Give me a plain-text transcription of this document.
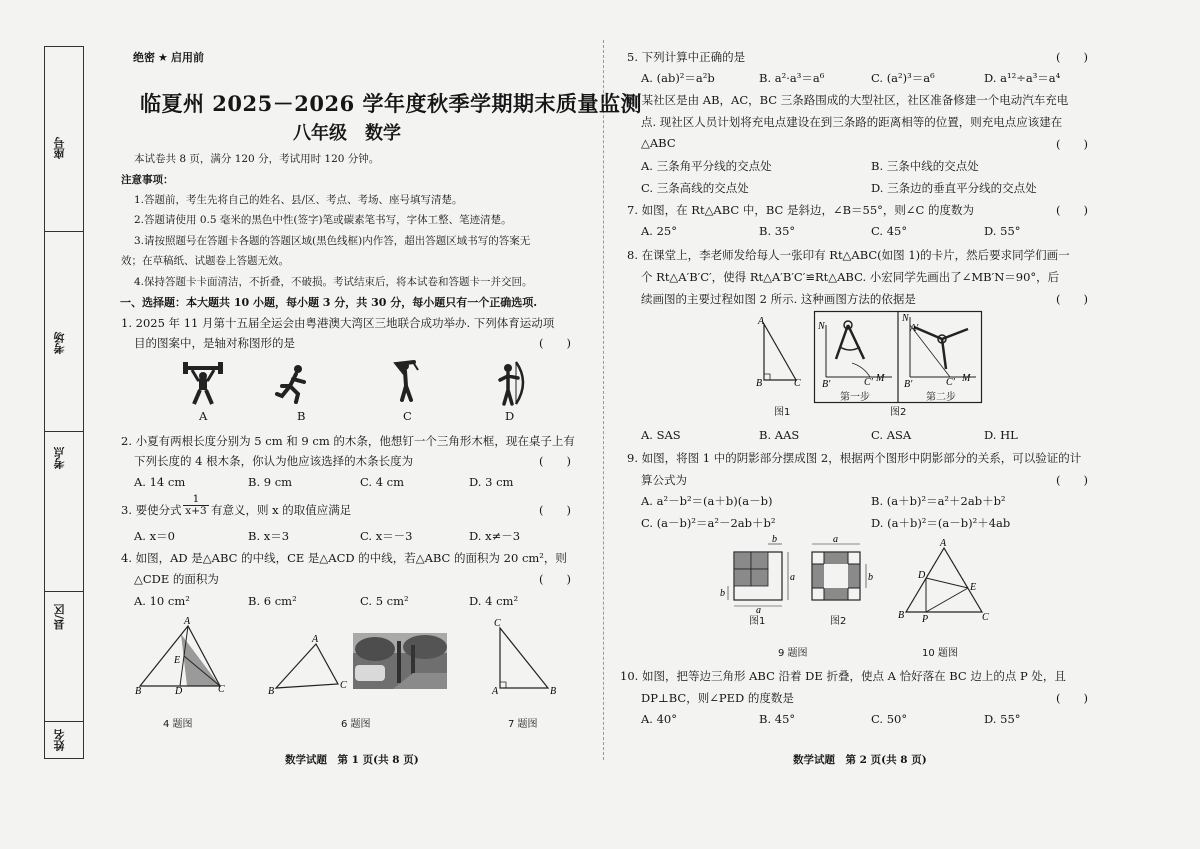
座号
考场
考点
县/区
姓名
绝密 ★ 启用前
临夏州 2025－2026 学年度秋季学期期末质量监测
八年级　数学
本试卷共 8 页，满分 120 分，考试用时 120 分钟。
注意事项：
1.答题前，考生先将自己的姓名、县/区、考点、考场、座号填写清楚。
2.答题请使用 0.5 毫米的黑色中性(签字)笔或碳素笔书写，字体工整、笔迹清楚。
3.请按照题号在答题卡各题的答题区域(黑色线框)内作答，超出答题区域书写的答案无
效；在草稿纸、试题卷上答题无效。
4.保持答题卡卡面清洁，不折叠，不破损。考试结束后，将本试卷和答题卡一并交回。
一、选择题：本大题共 10 小题，每小题 3 分，共 30 分，每小题只有一个正确选项.
1. 2025 年 11 月第十五届全运会由粤港澳大湾区三地联合成功举办. 下列体育运动项
目的图案中，是轴对称图形的是	(　　)
A	B	C	D
2. 小夏有两根长度分别为 5 cm 和 9 cm 的木条，他想钉一个三角形木框，现在桌子上有
下列长度的 4 根木条，你认为他应该选择的木条长度为	(　　)
A. 14 cm	B. 9 cm	C. 4 cm	D. 3 cm
3. 要使分式 $\frac{1}{x+3}$ 有意义，则 x 的取值应满足	(　　)
A. x＝0	B. x＝3	C. x＝－3	D. x≠－3
4. 如图，AD 是△ABC 的中线，CE 是△ACD 的中线，若△ABC 的面积为 20 cm²，则
△CDE 的面积为	(　　)
A. 10 cm²	B. 6 cm²	C. 5 cm²	D. 4 cm²
A
B	D	C
E
4 题图
A
B
C
6 题图
C
A	B
7 题图
数学试题　第 1 页(共 8 页)
5. 下列计算中正确的是	(　　)
A. (ab)²＝a²b	B. a²·a³＝a⁶	C. (a²)³＝a⁶	D. a¹²÷a³＝a⁴
6. 某社区是由 AB，AC，BC 三条路围成的大型社区，社区准备修建一个电动汽车充电
点. 现社区人员计划将充电点建设在到三条路的距离相等的位置，则充电点应该建在
△ABC	(　　)
A. 三条角平分线的交点处	B. 三条中线的交点处
C. 三条高线的交点处	D. 三条边的垂直平分线的交点处
7. 如图，在 Rt△ABC 中，BC 是斜边，∠B＝55°，则∠C 的度数为	(　　)
A. 25°	B. 35°	C. 45°	D. 55°
8. 在课堂上，李老师发给每人一张印有 Rt△ABC(如图 1)的卡片，然后要求同学们画一
个 Rt△A′B′C′，使得 Rt△A′B′C′≌Rt△ABC. 小宏同学先画出了∠MB′N＝90°，后
续画图的主要过程如图 2 所示. 这种画图方法的依据是	(　　)
A
B	C
图1
N
B′	C′ M
N
A′
B′	C′ M
第一步	第二步
图2
A. SAS	B. AAS	C. ASA	D. HL
9. 如图，将图 1 中的阴影部分摆成图 2，根据两个图形中阴影部分的关系，可以验证的计
算公式为	(　　)
A. a²－b²＝(a＋b)(a－b)	B. (a＋b)²＝a²＋2ab＋b²
C. (a－b)²＝a²－2ab＋b²	D. (a＋b)²＝(a－b)²＋4ab
b
a
b
a
图1
a
b
图2
A
D
E
B P	C
9 题图	10 题图
10. 如图，把等边三角形 ABC 沿着 DE 折叠，使点 A 恰好落在 BC 边上的点 P 处，且
DP⊥BC，则∠PED 的度数是	(　　)
A. 40°	B. 45°	C. 50°	D. 55°
数学试题　第 2 页(共 8 页)
